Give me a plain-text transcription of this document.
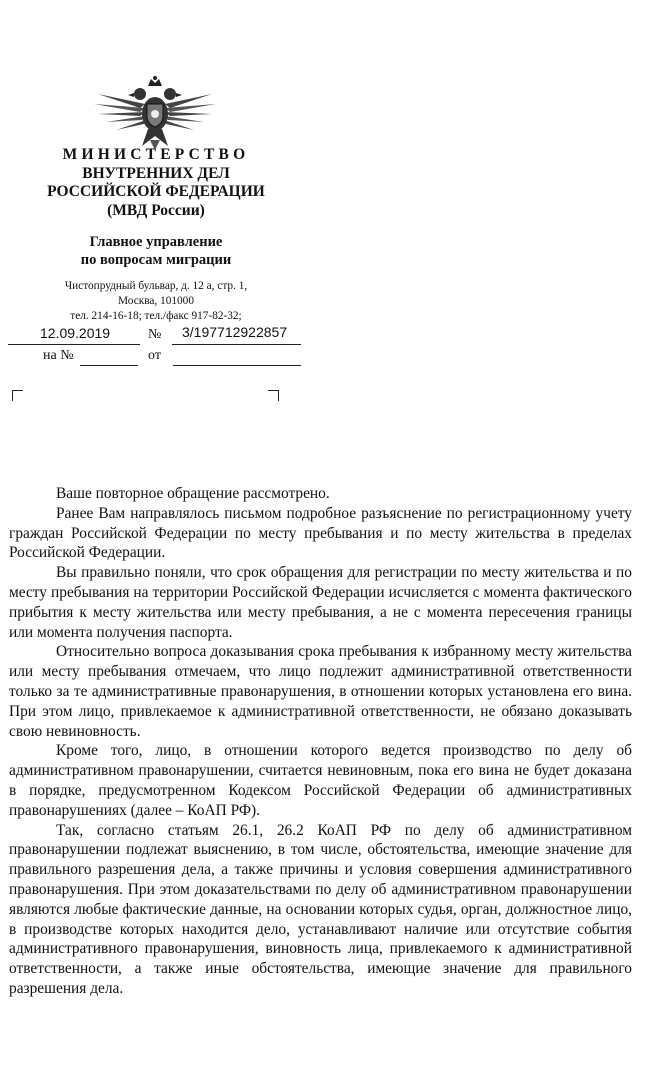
МИНИСТЕРСТВО
ВНУТРЕННИХ ДЕЛ
РОССИЙСКОЙ ФЕДЕРАЦИИ
(МВД России)
Главное управление
по вопросам миграции
Чистопрудный бульвар, д. 12 а, стр. 1,
Москва, 101000
тел. 214-16-18; тел./факс 917-82-32;
12.09.2019	№ 3/197712922857
на №	от

Ваше повторное обращение рассмотрено.

Ранее Вам направлялось письмом подробное разъяснение по регистрационному учету граждан Российской Федерации по месту пребывания и по месту жительства в пределах Российской Федерации.

Вы правильно поняли, что срок обращения для регистрации по месту жительства и по месту пребывания на территории Российской Федерации исчисляется с момента фактического прибытия к месту жительства или месту пребывания, а не с момента пересечения границы или момента получения паспорта.

Относительно вопроса доказывания срока пребывания к избранному месту жительства или месту пребывания отмечаем, что лицо подлежит административной ответственности только за те административные правонарушения, в отношении которых установлена его вина. При этом лицо, привлекаемое к административной ответственности, не обязано доказывать свою невиновность.

Кроме того, лицо, в отношении которого ведется производство по делу об административном правонарушении, считается невиновным, пока его вина не будет доказана в порядке, предусмотренном Кодексом Российской Федерации об административных правонарушениях (далее – КоАП РФ).

Так, согласно статьям 26.1, 26.2 КоАП РФ по делу об административном правонарушении подлежат выяснению, в том числе, обстоятельства, имеющие значение для правильного разрешения дела, а также причины и условия совершения административного правонарушения. При этом доказательствами по делу об административном правонарушении являются любые фактические данные, на основании которых судья, орган, должностное лицо, в производстве которых находится дело, устанавливают наличие или отсутствие события административного правонарушения, виновность лица, привлекаемого к административной ответственности, а также иные обстоятельства, имеющие значение для правильного разрешения дела.
